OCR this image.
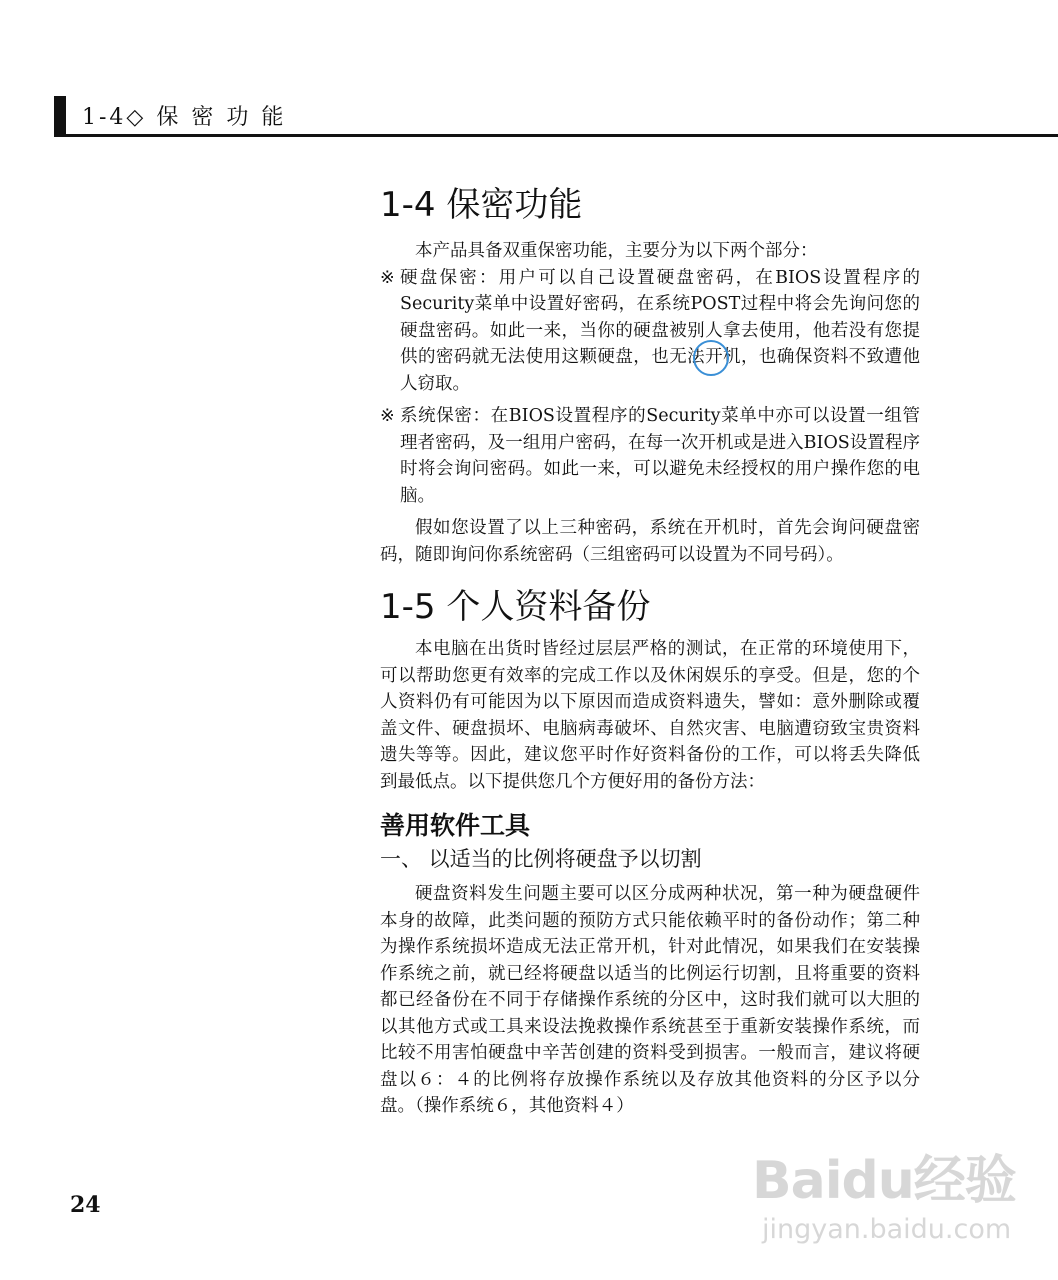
1-4◇ 保 密 功 能
1-4 保密功能

本产品具备双重保密功能，主要分为以下两个部分：

※ 硬盘保密：用户可以自己设置硬盘密码，在BIOS设置程序的Security菜单中设置好密码，在系统POST过程中将会先询问您的硬盘密码。如此一来，当你的硬盘被别人拿去使用，他若没有您提供的密码就无法使用这颗硬盘，也无法开机，也确保资料不致遭他人窃取。
※ 系统保密：在BIOS设置程序的Security菜单中亦可以设置一组管理者密码，及一组用户密码，在每一次开机或是进入BIOS设置程序时将会询问密码。如此一来，可以避免未经授权的用户操作您的电脑。

假如您设置了以上三种密码，系统在开机时，首先会询问硬盘密码，随即询问你系统密码（三组密码可以设置为不同号码）。

1-5 个人资料备份

本电脑在出货时皆经过层层严格的测试，在正常的环境使用下，可以帮助您更有效率的完成工作以及休闲娱乐的享受。但是，您的个人资料仍有可能因为以下原因而造成资料遗失，譬如：意外删除或覆盖文件、硬盘损坏、电脑病毒破坏、自然灾害、电脑遭窃致宝贵资料遗失等等。因此，建议您平时作好资料备份的工作，可以将丢失降低到最低点。以下提供您几个方便好用的备份方法：

善用软件工具
一、 以适当的比例将硬盘予以切割

硬盘资料发生问题主要可以区分成两种状况，第一种为硬盘硬件本身的故障，此类问题的预防方式只能依赖平时的备份动作；第二种为操作系统损坏造成无法正常开机，针对此情况，如果我们在安装操作系统之前，就已经将硬盘以适当的比例运行切割，且将重要的资料都已经备份在不同于存储操作系统的分区中，这时我们就可以大胆的以其他方式或工具来设法挽救操作系统甚至于重新安装操作系统，而比较不用害怕硬盘中辛苦创建的资料受到损害。一般而言，建议将硬盘以６：４的比例将存放操作系统以及存放其他资料的分区予以分盘。（操作系统６，其他资料４）

24	Baidu经验
jingyan.baidu.com
